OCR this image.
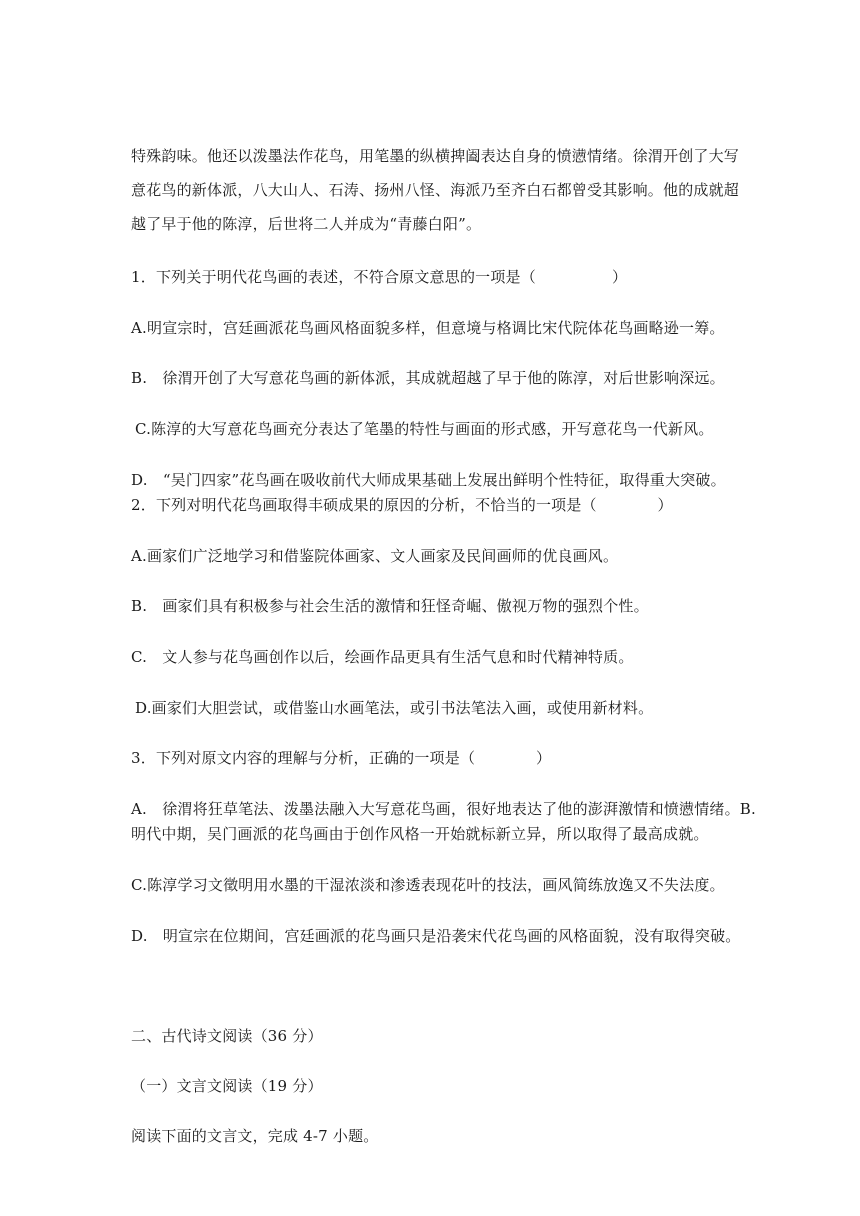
特殊韵味。他还以泼墨法作花鸟，用笔墨的纵横捭阖表达自身的愤懑情绪。徐渭开创了大写
意花鸟的新体派，八大山人、石涛、扬州八怪、海派乃至齐白石都曾受其影响。他的成就超
越了早于他的陈淳，后世将二人并成为“青藤白阳”。
1．下列关于明代花鸟画的表述，不符合原文意思的一项是（　　　　　）
A.明宣宗时，宫廷画派花鸟画风格面貌多样，但意境与格调比宋代院体花鸟画略逊一筹。
B.　徐渭开创了大写意花鸟画的新体派，其成就超越了早于他的陈淳，对后世影响深远。
C.陈淳的大写意花鸟画充分表达了笔墨的特性与画面的形式感，开写意花鸟一代新风。
D.　“吴门四家”花鸟画在吸收前代大师成果基础上发展出鲜明个性特征，取得重大突破。
2．下列对明代花鸟画取得丰硕成果的原因的分析，不恰当的一项是（　　　　）
A.画家们广泛地学习和借鉴院体画家、文人画家及民间画师的优良画风。
B.　画家们具有积极参与社会生活的激情和狂怪奇崛、傲视万物的强烈个性。
C.　文人参与花鸟画创作以后，绘画作品更具有生活气息和时代精神特质。
D.画家们大胆尝试，或借鉴山水画笔法，或引书法笔法入画，或使用新材料。
3．下列对原文内容的理解与分析，正确的一项是（　　　　）
A.　徐渭将狂草笔法、泼墨法融入大写意花鸟画，很好地表达了他的澎湃激情和愤懑情绪。B.
明代中期，吴门画派的花鸟画由于创作风格一开始就标新立异，所以取得了最高成就。
C.陈淳学习文徵明用水墨的干湿浓淡和渗透表现花叶的技法，画风简练放逸又不失法度。
D.　明宣宗在位期间，宫廷画派的花鸟画只是沿袭宋代花鸟画的风格面貌，没有取得突破。
二、古代诗文阅读（36 分）
（一）文言文阅读（19 分）
阅读下面的文言文，完成 4-7 小题。
